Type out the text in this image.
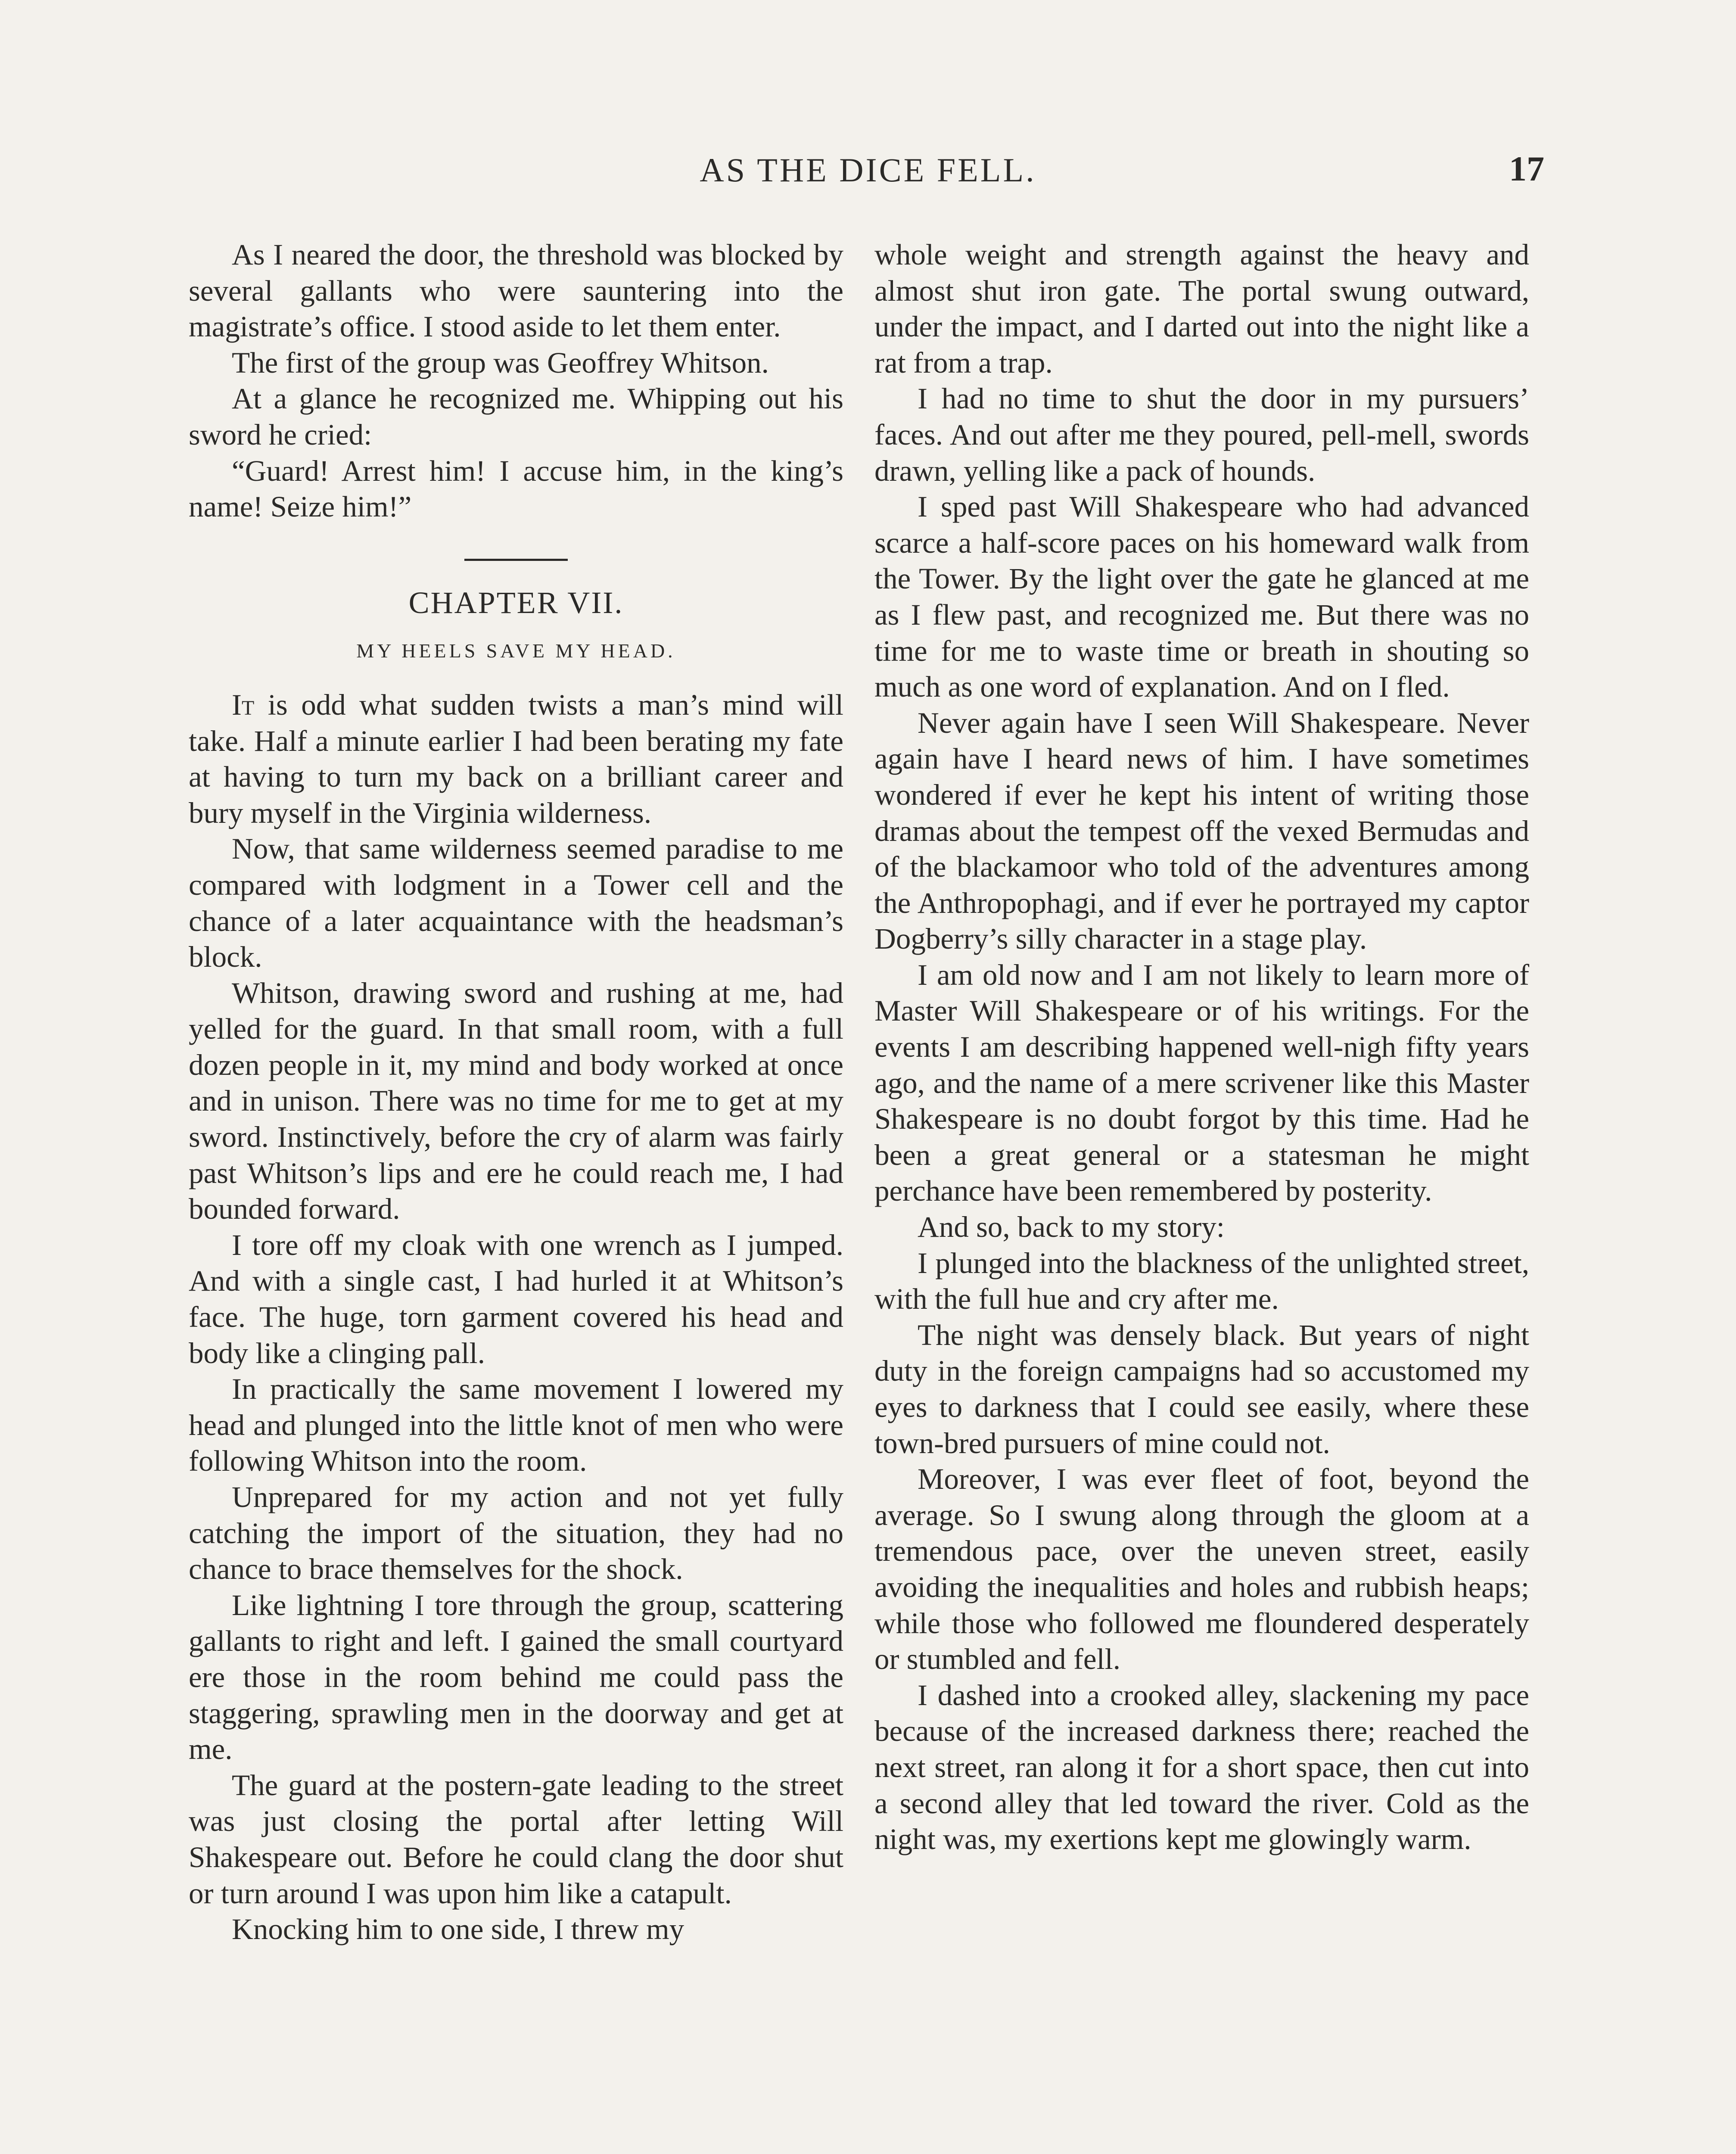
AS THE DICE FELL.	17

As I neared the door, the threshold was blocked by several gallants who were sauntering into the magistrate’s office. I stood aside to let them enter.

The first of the group was Geoffrey Whitson.

At a glance he recognized me. Whipping out his sword he cried:

“Guard! Arrest him! I accuse him, in the king’s name! Seize him!”

CHAPTER VII.
MY HEELS SAVE MY HEAD.

It is odd what sudden twists a man’s mind will take. Half a minute earlier I had been berating my fate at having to turn my back on a brilliant career and bury myself in the Virginia wilderness.

Now, that same wilderness seemed paradise to me compared with lodgment in a Tower cell and the chance of a later acquaintance with the headsman’s block.

Whitson, drawing sword and rushing at me, had yelled for the guard. In that small room, with a full dozen people in it, my mind and body worked at once and in unison. There was no time for me to get at my sword. Instinctively, before the cry of alarm was fairly past Whitson’s lips and ere he could reach me, I had bounded forward.

I tore off my cloak with one wrench as I jumped. And with a single cast, I had hurled it at Whitson’s face. The huge, torn garment covered his head and body like a clinging pall.

In practically the same movement I lowered my head and plunged into the little knot of men who were following Whitson into the room.

Unprepared for my action and not yet fully catching the import of the situation, they had no chance to brace themselves for the shock.

Like lightning I tore through the group, scattering gallants to right and left. I gained the small courtyard ere those in the room behind me could pass the staggering, sprawling men in the doorway and get at me.

The guard at the postern-gate leading to the street was just closing the portal after letting Will Shakespeare out. Before he could clang the door shut or turn around I was upon him like a catapult.

Knocking him to one side, I threw my

whole weight and strength against the heavy and almost shut iron gate. The portal swung outward, under the impact, and I darted out into the night like a rat from a trap.

I had no time to shut the door in my pursuers’ faces. And out after me they poured, pell-mell, swords drawn, yelling like a pack of hounds.

I sped past Will Shakespeare who had advanced scarce a half-score paces on his homeward walk from the Tower. By the light over the gate he glanced at me as I flew past, and recognized me. But there was no time for me to waste time or breath in shouting so much as one word of explanation. And on I fled.

Never again have I seen Will Shakespeare. Never again have I heard news of him. I have sometimes wondered if ever he kept his intent of writing those dramas about the tempest off the vexed Bermudas and of the blackamoor who told of the adventures among the Anthropophagi, and if ever he portrayed my captor Dogberry’s silly character in a stage play.

I am old now and I am not likely to learn more of Master Will Shakespeare or of his writings. For the events I am describing happened well-nigh fifty years ago, and the name of a mere scrivener like this Master Shakespeare is no doubt forgot by this time. Had he been a great general or a statesman he might perchance have been remembered by posterity.

And so, back to my story:

I plunged into the blackness of the unlighted street, with the full hue and cry after me.

The night was densely black. But years of night duty in the foreign campaigns had so accustomed my eyes to darkness that I could see easily, where these town-bred pursuers of mine could not.

Moreover, I was ever fleet of foot, beyond the average. So I swung along through the gloom at a tremendous pace, over the uneven street, easily avoiding the inequalities and holes and rubbish heaps; while those who followed me floundered desperately or stumbled and fell.

I dashed into a crooked alley, slackening my pace because of the increased darkness there; reached the next street, ran along it for a short space, then cut into a second alley that led toward the river. Cold as the night was, my exertions kept me glowingly warm.
